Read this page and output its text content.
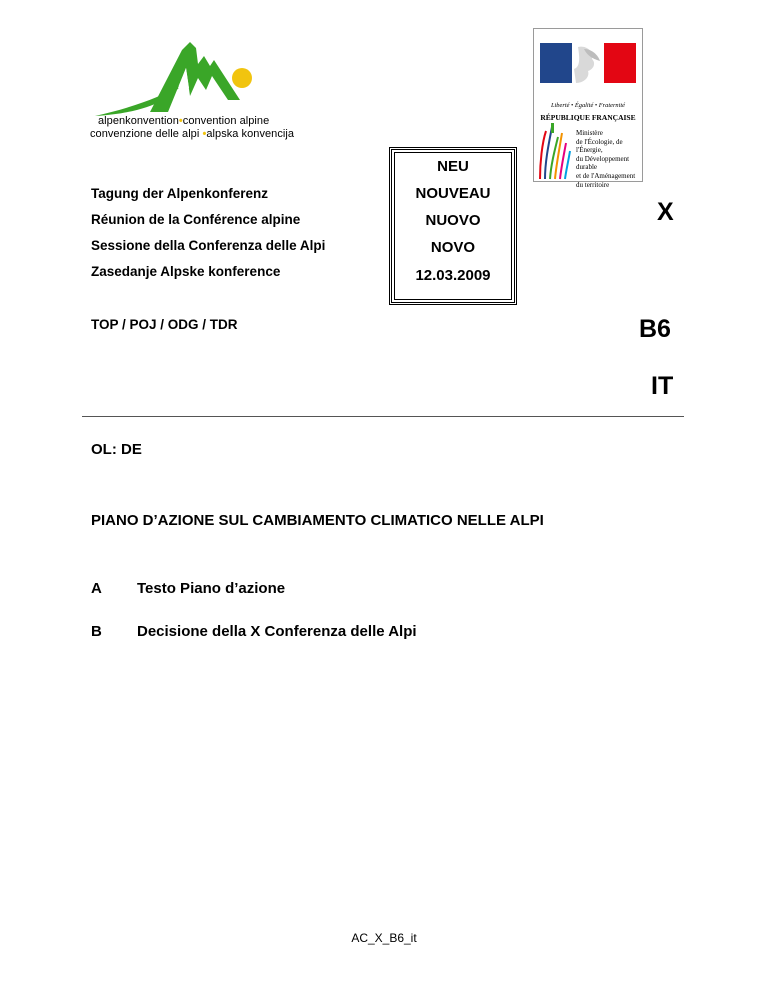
alpenkonvention•convention alpine
convenzione delle alpi •alpska konvencija
Liberté • Égalité • Fraternité
RÉPUBLIQUE FRANÇAISE
Ministère
de l'Écologie, de l'Énergie,
du Développement durable
et de l'Aménagement
du territoire
Tagung der Alpenkonferenz
Réunion de la Conférence alpine
Sessione della Conferenza delle Alpi
Zasedanje Alpske konference
NEU
NOUVEAU
NUOVO
NOVO
12.03.2009
X
B6
IT
TOP / POJ / ODG / TDR
OL: DE
PIANO D’AZIONE SUL CAMBIAMENTO CLIMATICO NELLE ALPI
A Testo Piano d’azione
B Decisione della X Conferenza delle Alpi
AC_X_B6_it
